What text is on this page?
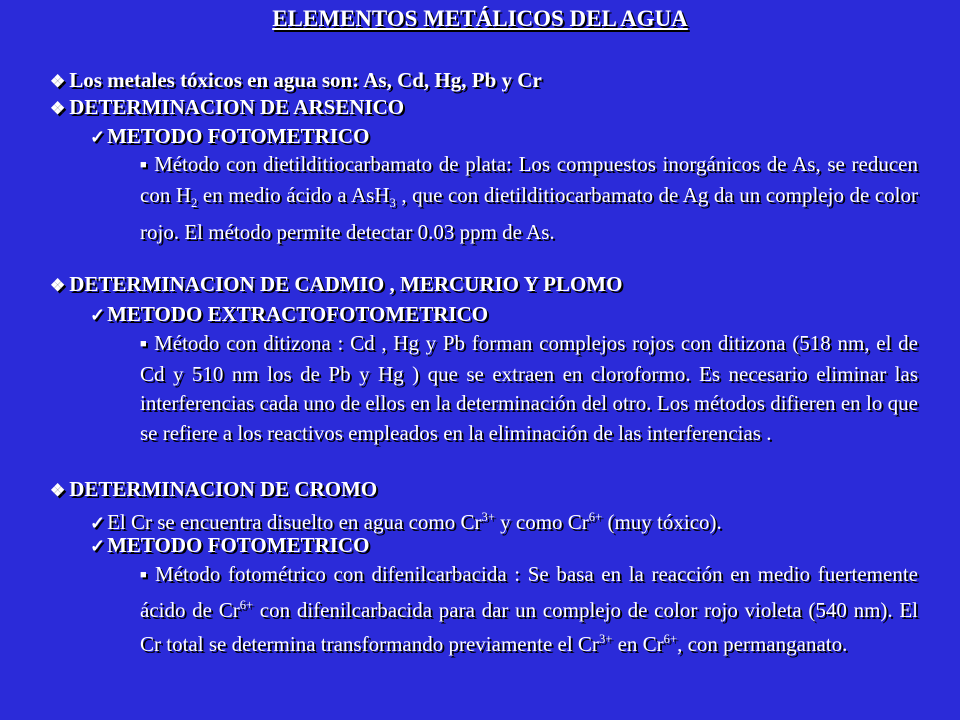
ELEMENTOS METÁLICOS DEL AGUA
❖ Los metales tóxicos en agua son: As, Cd, Hg, Pb y Cr
❖ DETERMINACION DE ARSENICO
✓METODO FOTOMETRICO
■ Método con dietilditiocarbamato de plata: Los compuestos inorgánicos de As, se reducen con $H_2$ en medio ácido a AsH$_3$ , que con dietilditiocarbamato de Ag da un complejo de color rojo. El método permite detectar 0.03 ppm de As.
❖ DETERMINACION DE CADMIO , MERCURIO Y PLOMO
✓METODO EXTRACTOFOTOMETRICO
■ Método con ditizona : Cd , Hg y Pb forman complejos rojos con ditizona (518 nm, el de Cd y 510 nm los de Pb y Hg ) que se extraen en cloroformo. Es necesario eliminar las interferencias cada uno de ellos en la determinación del otro. Los métodos difieren en lo que se refiere a los reactivos empleados en la eliminación de las interferencias .
❖ DETERMINACION DE CROMO
✓El Cr se encuentra disuelto en agua como $Cr^{3+}$ y como $Cr^{6+}$ (muy tóxico).
✓METODO FOTOMETRICO
■ Método fotométrico con difenilcarbacida : Se basa en la reacción en medio fuertemente ácido de $Cr^{6+}$ con difenilcarbacida para dar un complejo de color rojo violeta (540 nm). El Cr total se determina transformando previamente el $Cr^{3+}$ en $Cr^{6+}$, con permanganato.
